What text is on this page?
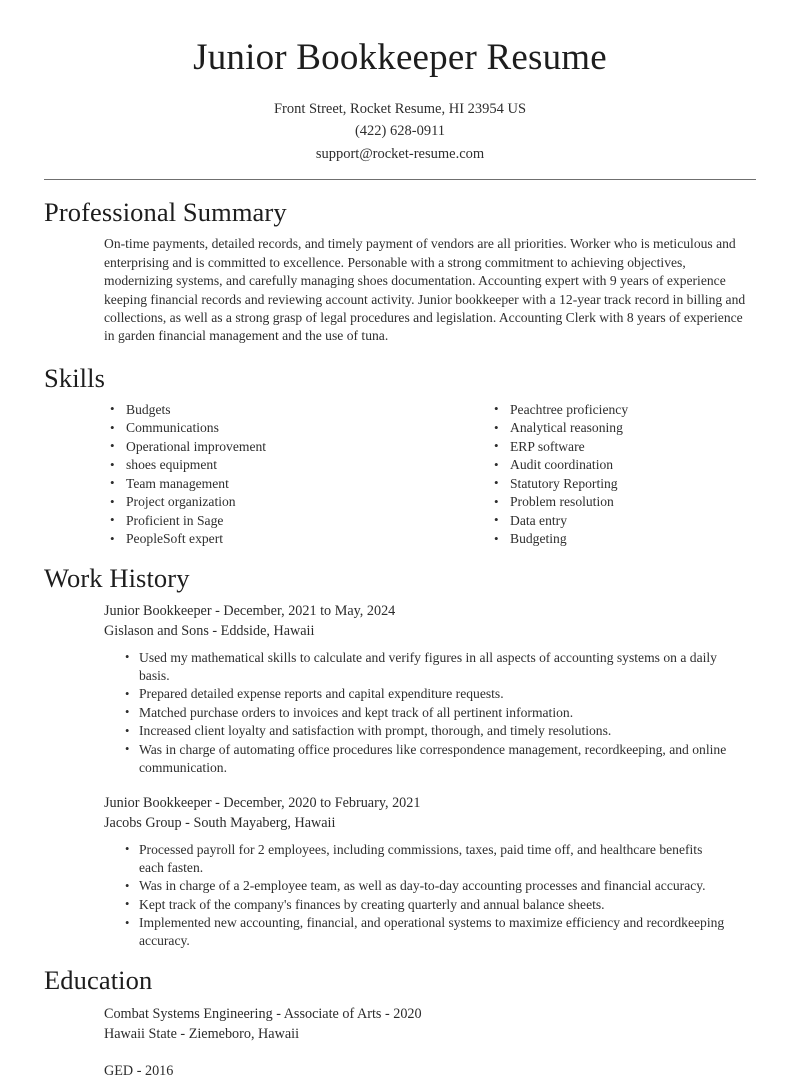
Junior Bookkeeper Resume
Front Street, Rocket Resume, HI 23954 US
(422) 628-0911
support@rocket-resume.com
Professional Summary

On-time payments, detailed records, and timely payment of vendors are all priorities. Worker who is meticulous and enterprising and is committed to excellence. Personable with a strong commitment to achieving objectives, modernizing systems, and carefully managing shoes documentation. Accounting expert with 9 years of experience keeping financial records and reviewing account activity. Junior bookkeeper with a 12-year track record in billing and collections, as well as a strong grasp of legal procedures and legislation. Accounting Clerk with 8 years of experience in garden financial management and the use of tuna.

Skills
• Budgets
• Communications
• Operational improvement
• shoes equipment
• Team management
• Project organization
• Proficient in Sage
• PeopleSoft expert
• Peachtree proficiency
• Analytical reasoning
• ERP software
• Audit coordination
• Statutory Reporting
• Problem resolution
• Data entry
• Budgeting
Work History
Junior Bookkeeper - December, 2021 to May, 2024
Gislason and Sons - Eddside, Hawaii
• Used my mathematical skills to calculate and verify figures in all aspects of accounting systems on a daily basis.
• Prepared detailed expense reports and capital expenditure requests.
• Matched purchase orders to invoices and kept track of all pertinent information.
• Increased client loyalty and satisfaction with prompt, thorough, and timely resolutions.
• Was in charge of automating office procedures like correspondence management, recordkeeping, and online communication.
Junior Bookkeeper - December, 2020 to February, 2021
Jacobs Group - South Mayaberg, Hawaii
• Processed payroll for 2 employees, including commissions, taxes, paid time off, and healthcare benefits each fasten.
• Was in charge of a 2-employee team, as well as day-to-day accounting processes and financial accuracy.
• Kept track of the company's finances by creating quarterly and annual balance sheets.
• Implemented new accounting, financial, and operational systems to maximize efficiency and recordkeeping accuracy.
Education
Combat Systems Engineering - Associate of Arts - 2020
Hawaii State - Ziemeboro, Hawaii
GED - 2016
